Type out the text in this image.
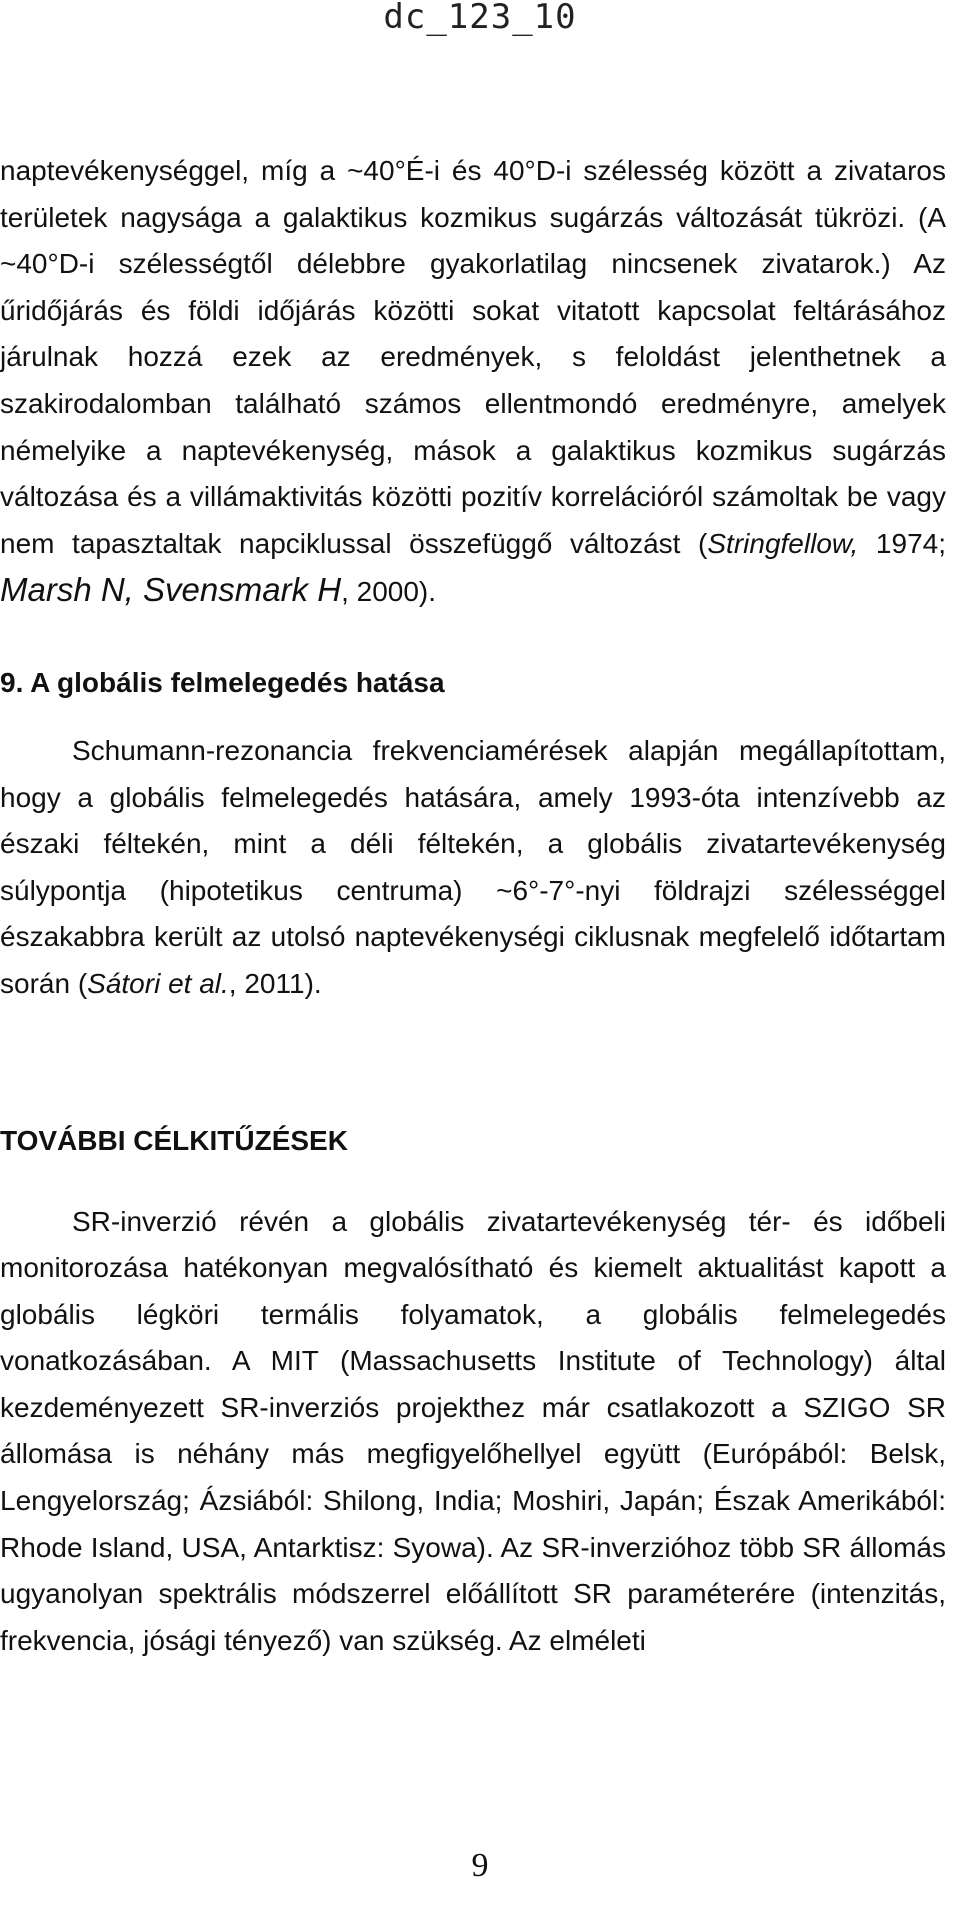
dc_123_10

naptevékenységgel, míg a ~40°É-i és 40°D-i szélesség között a zivataros területek nagysága a galaktikus kozmikus sugárzás változását tükrözi. (A ~40°D-i szélességtől délebbre gyakorlatilag nincsenek zivatarok.) Az űridőjárás és földi időjárás közötti sokat vitatott kapcsolat feltárásához járulnak hozzá ezek az eredmények, s feloldást jelenthetnek a szakirodalomban található számos ellentmondó eredményre, amelyek némelyike a naptevékenység, mások a galaktikus kozmikus sugárzás változása és a villámaktivitás közötti pozitív korrelációról számoltak be vagy nem tapasztaltak napciklussal összefüggő változást (Stringfellow, 1974; Marsh N, Svensmark H, 2000).

9. A globális felmelegedés hatása

Schumann-rezonancia frekvenciamérések alapján megállapítottam, hogy a globális felmelegedés hatására, amely 1993-óta intenzívebb az északi féltekén, mint a déli féltekén, a globális zivatartevékenység súlypontja (hipotetikus centruma) ~6°-7°-nyi földrajzi szélességgel északabbra került az utolsó naptevékenységi ciklusnak megfelelő időtartam során (Sátori et al., 2011).

TOVÁBBI CÉLKITŰZÉSEK

SR-inverzió révén a globális zivatartevékenység tér- és időbeli monitorozása hatékonyan megvalósítható és kiemelt aktualitást kapott a globális légköri termális folyamatok, a globális felmelegedés vonatkozásában. A MIT (Massachusetts Institute of Technology) által kezdeményezett SR-inverziós projekthez már csatlakozott a SZIGO SR állomása is néhány más megfigyelőhellyel együtt (Európából: Belsk, Lengyelország; Ázsiából: Shilong, India; Moshiri, Japán; Észak Amerikából: Rhode Island, USA, Antarktisz: Syowa). Az SR-inverzióhoz több SR állomás ugyanolyan spektrális módszerrel előállított SR paraméterére (intenzitás, frekvencia, jósági tényező) van szükség. Az elméleti

9
